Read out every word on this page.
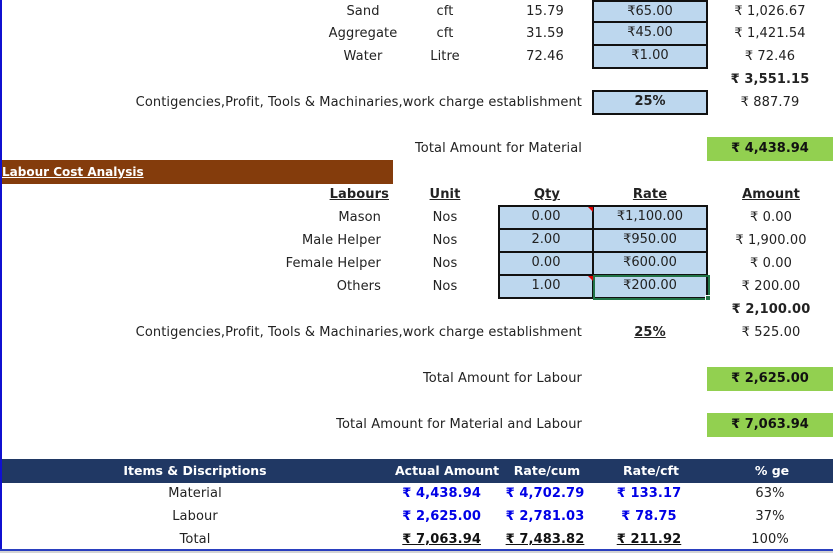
Sand	cft	15.79	₹65.00	₹ 1,026.67
Aggregate	cft	31.59	₹45.00	₹ 1,421.54
Water	Litre	72.46	₹1.00	₹ 72.46
₹ 3,551.15
Contigencies,Profit, Tools & Machinaries,work charge establishment	25%	₹ 887.79
Total Amount for Material	₹ 4,438.94
Labour Cost Analysis
Labours	Unit	Qty	Rate	Amount
Mason	Nos	0.00	₹1,100.00	₹ 0.00
Male Helper	Nos	2.00	₹950.00	₹ 1,900.00
Female Helper	Nos	0.00	₹600.00	₹ 0.00
Others	Nos	1.00	₹200.00	₹ 200.00
₹ 2,100.00
Contigencies,Profit, Tools & Machinaries,work charge establishment	25%	₹ 525.00
Total Amount for Labour	₹ 2,625.00
Total Amount for Material and Labour	₹ 7,063.94
Items & Discriptions	Actual Amount	Rate/cum	Rate/cft	% ge
Material	₹ 4,438.94	₹ 4,702.79	₹ 133.17	63%
Labour	₹ 2,625.00	₹ 2,781.03	₹ 78.75	37%
Total	₹ 7,063.94	₹ 7,483.82	₹ 211.92	100%
